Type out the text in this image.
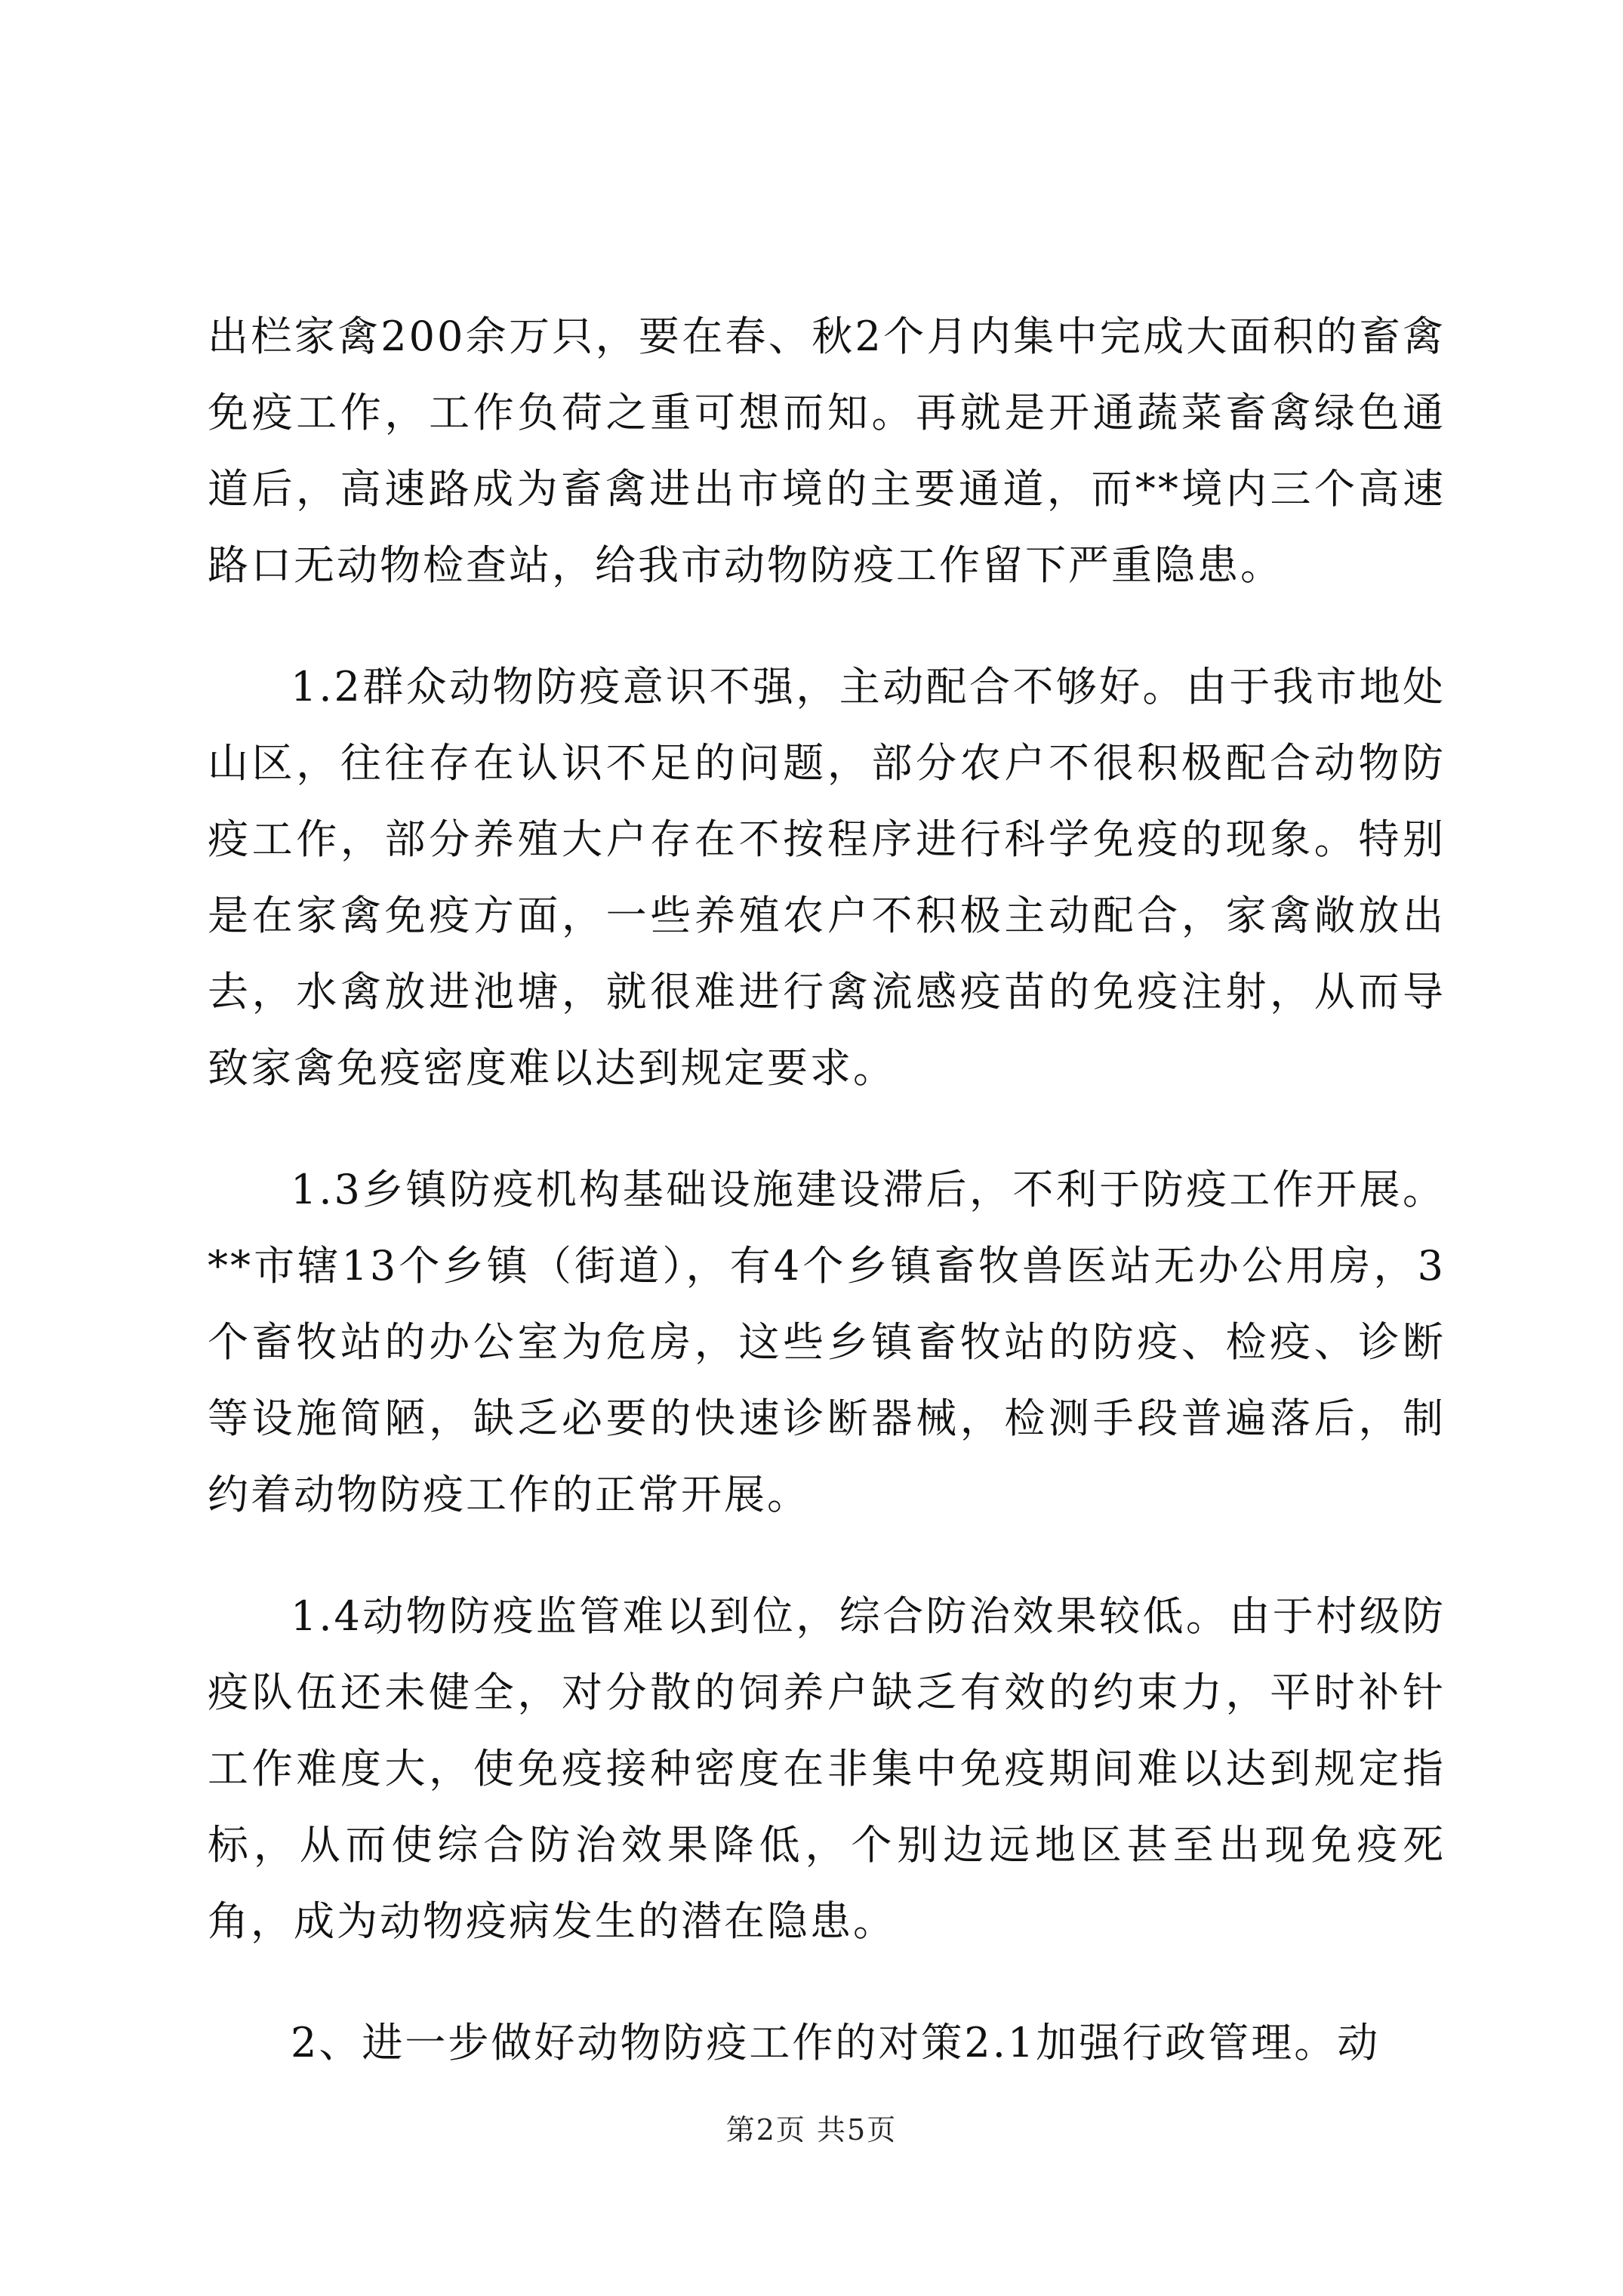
出栏家禽200余万只，要在春、秋2个月内集中完成大面积的畜禽免疫工作，工作负荷之重可想而知。再就是开通蔬菜畜禽绿色通道后，高速路成为畜禽进出市境的主要通道，而**境内三个高速路口无动物检查站，给我市动物防疫工作留下严重隐患。

1.2群众动物防疫意识不强，主动配合不够好。由于我市地处山区，往往存在认识不足的问题，部分农户不很积极配合动物防疫工作，部分养殖大户存在不按程序进行科学免疫的现象。特别是在家禽免疫方面，一些养殖农户不积极主动配合，家禽敞放出去，水禽放进池塘，就很难进行禽流感疫苗的免疫注射，从而导致家禽免疫密度难以达到规定要求。

1.3乡镇防疫机构基础设施建设滞后，不利于防疫工作开展。**市辖13个乡镇（街道），有4个乡镇畜牧兽医站无办公用房，3个畜牧站的办公室为危房，这些乡镇畜牧站的防疫、检疫、诊断等设施简陋，缺乏必要的快速诊断器械，检测手段普遍落后，制约着动物防疫工作的正常开展。

1.4动物防疫监管难以到位，综合防治效果较低。由于村级防疫队伍还未健全，对分散的饲养户缺乏有效的约束力，平时补针工作难度大，使免疫接种密度在非集中免疫期间难以达到规定指标，从而使综合防治效果降低，个别边远地区甚至出现免疫死角，成为动物疫病发生的潜在隐患。

2、进一步做好动物防疫工作的对策2.1加强行政管理。动

第2页 共5页
